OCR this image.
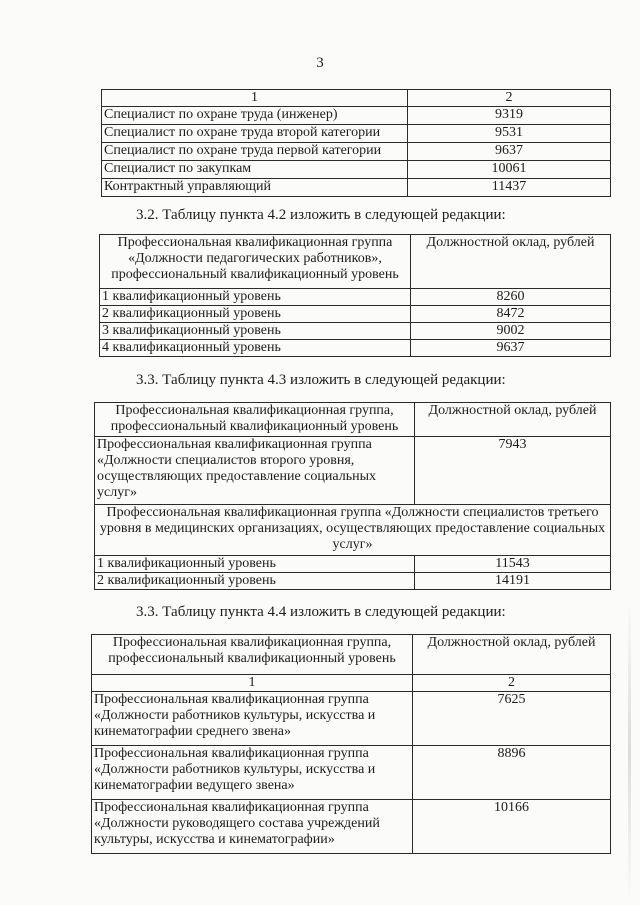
3
1	2
Специалист по охране труда (инженер)	9319
Специалист по охране труда второй категории	9531
Специалист по охране труда первой категории	9637
Специалист по закупкам	10061
Контрактный управляющий	11437
3.2. Таблицу пункта 4.2 изложить в следующей редакции:
Профессиональная квалификационная группа «Должности педагогических работников», профессиональный квалификационный уровень	Должностной оклад, рублей
1 квалификационный уровень	8260
2 квалификационный уровень	8472
3 квалификационный уровень	9002
4 квалификационный уровень	9637
3.3. Таблицу пункта 4.3 изложить в следующей редакции:
Профессиональная квалификационная группа, профессиональный квалификационный уровень	Должностной оклад, рублей
Профессиональная квалификационная группа «Должности специалистов второго уровня, осуществляющих предоставление социальных услуг»	7943
Профессиональная квалификационная группа «Должности специалистов третьего уровня в медицинских организациях, осуществляющих предоставление социальных услуг»	
1 квалификационный уровень	11543
2 квалификационный уровень	14191
3.3. Таблицу пункта 4.4 изложить в следующей редакции:
Профессиональная квалификационная группа, профессиональный квалификационный уровень	Должностной оклад, рублей
1	2
Профессиональная квалификационная группа «Должности работников культуры, искусства и кинематографии среднего звена»	7625
Профессиональная квалификационная группа «Должности работников культуры, искусства и кинематографии ведущего звена»	8896
Профессиональная квалификационная группа «Должности руководящего состава учреждений культуры, искусства и кинематографии»	10166
